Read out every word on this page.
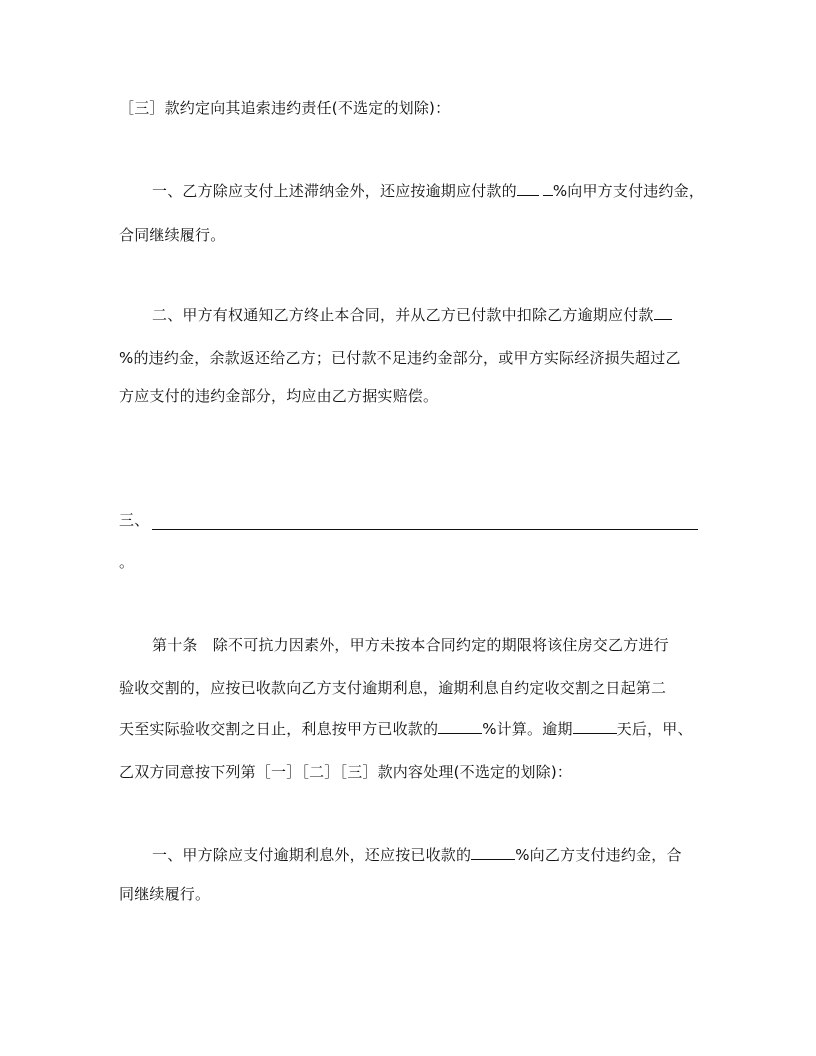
［三］款约定向其追索违约责任(不选定的划除)：
一、乙方除应支付上述滞纳金外，还应按逾期应付款的 %向甲方支付违约金，
合同继续履行。
二、甲方有权通知乙方终止本合同，并从乙方已付款中扣除乙方逾期应付款
%的违约金，余款返还给乙方；已付款不足违约金部分，或甲方实际经济损失超过乙
方应支付的违约金部分，均应由乙方据实赔偿。
三、
。
第十条　除不可抗力因素外，甲方未按本合同约定的期限将该住房交乙方进行
验收交割的，应按已收款向乙方支付逾期利息，逾期利息自约定收交割之日起第二
天至实际验收交割之日止，利息按甲方已收款的	%计算。逾期	天后，甲、
乙双方同意按下列第［一］［二］［三］款内容处理(不选定的划除)：
一、甲方除应支付逾期利息外，还应按已收款的	%向乙方支付违约金，合
同继续履行。
